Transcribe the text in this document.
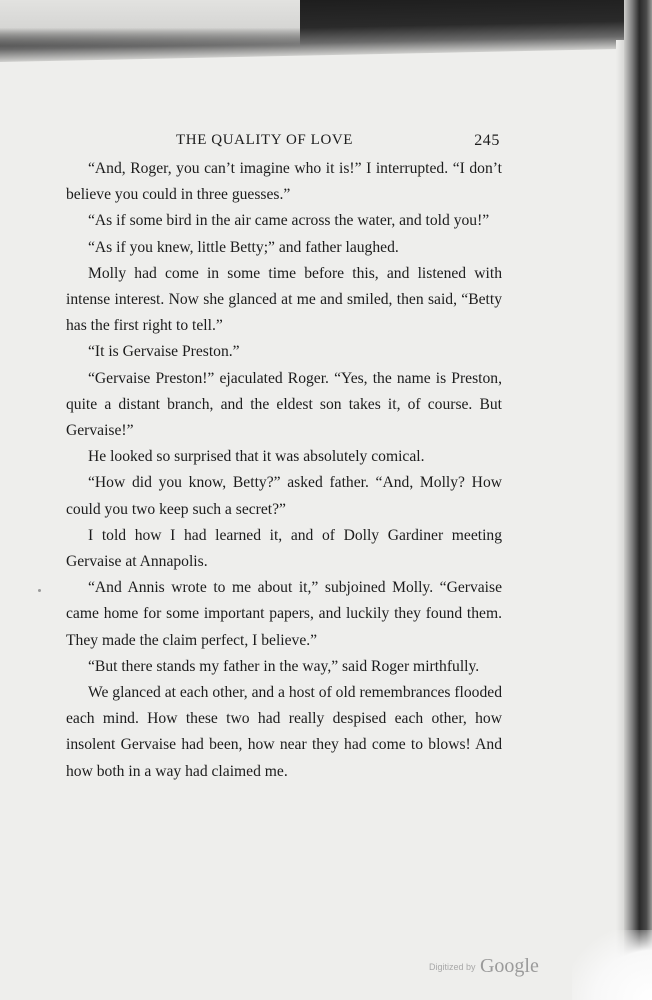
THE QUALITY OF LOVE	245

“And, Roger, you can’t imagine who it is!” I interrupted. “I don’t believe you could in three guesses.”

“As if some bird in the air came across the water, and told you!”

“As if you knew, little Betty;” and father laughed.

Molly had come in some time before this, and listened with intense interest. Now she glanced at me and smiled, then said, “Betty has the first right to tell.”

“It is Gervaise Preston.”

“Gervaise Preston!” ejaculated Roger. “Yes, the name is Preston, quite a distant branch, and the eldest son takes it, of course. But Gervaise!”

He looked so surprised that it was absolutely comical.

“How did you know, Betty?” asked father. “And, Molly? How could you two keep such a secret?”

I told how I had learned it, and of Dolly Gardiner meeting Gervaise at Annapolis.

“And Annis wrote to me about it,” subjoined Molly. “Gervaise came home for some important papers, and luckily they found them. They made the claim perfect, I believe.”

“But there stands my father in the way,” said Roger mirthfully.

We glanced at each other, and a host of old remembrances flooded each mind. How these two had really despised each other, how insolent Gervaise had been, how near they had come to blows! And how both in a way had claimed me.

Digitized by Google
